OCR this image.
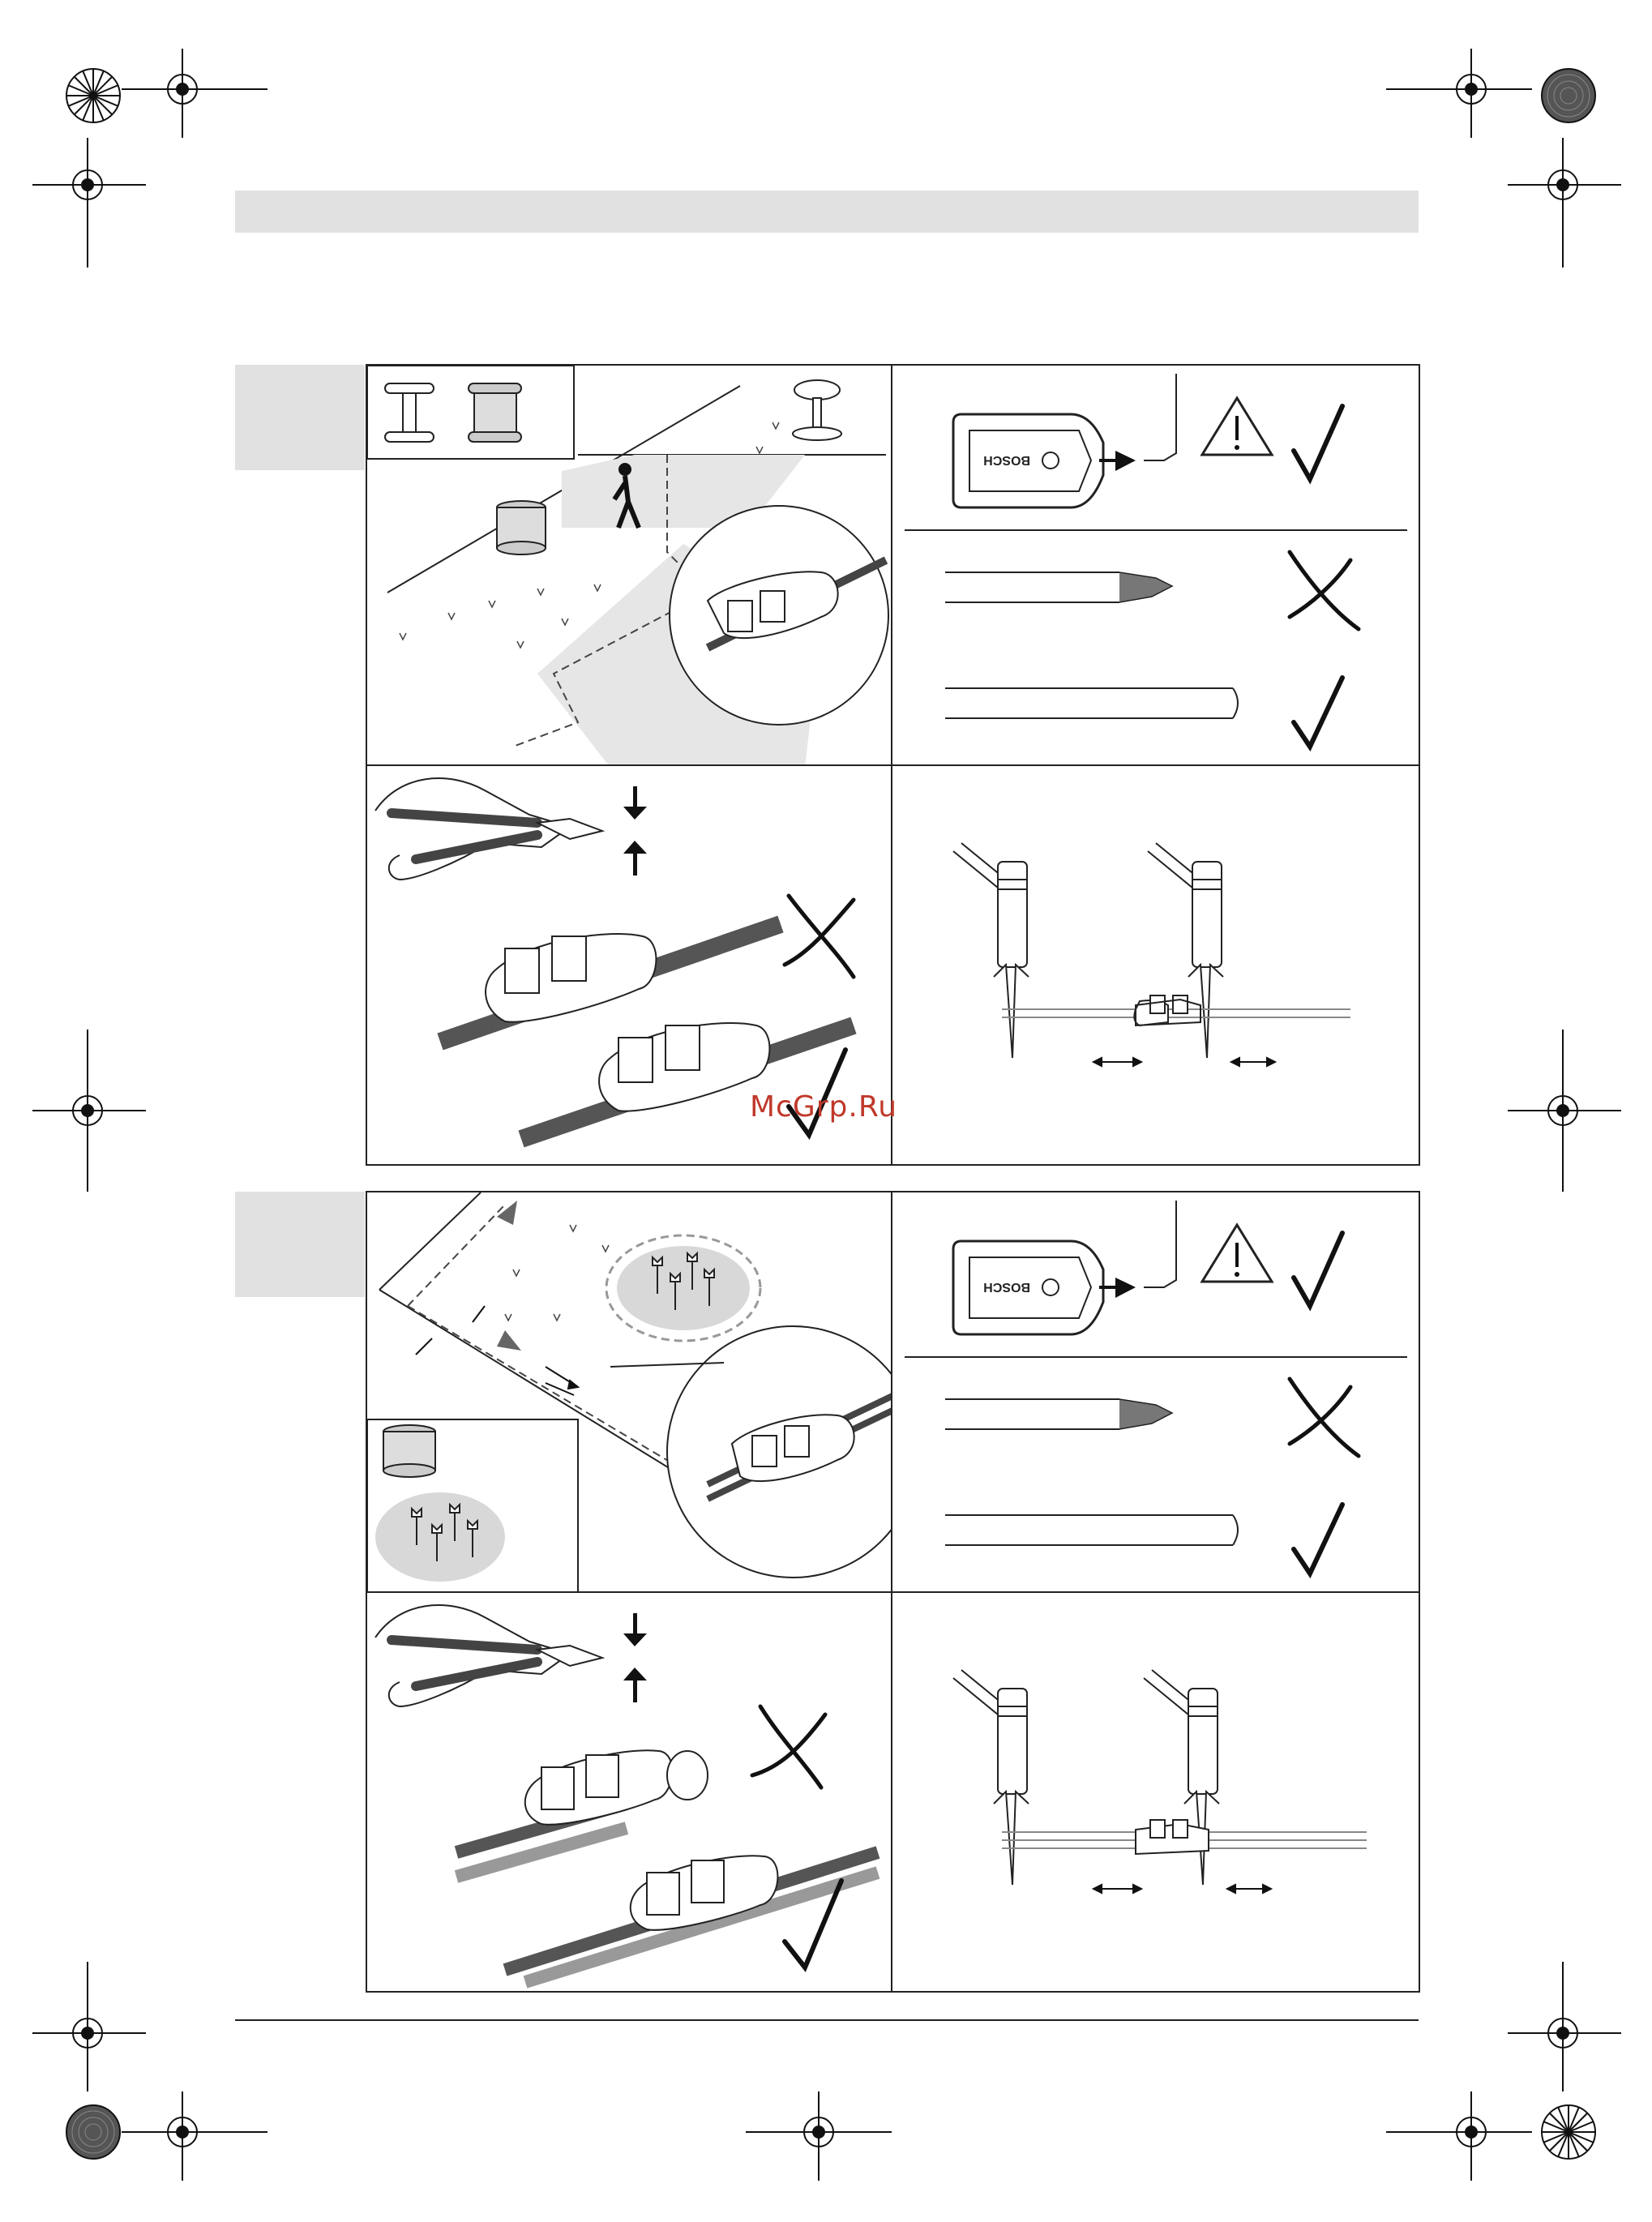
BOSCH
McGrp.Ru
BOSCH
